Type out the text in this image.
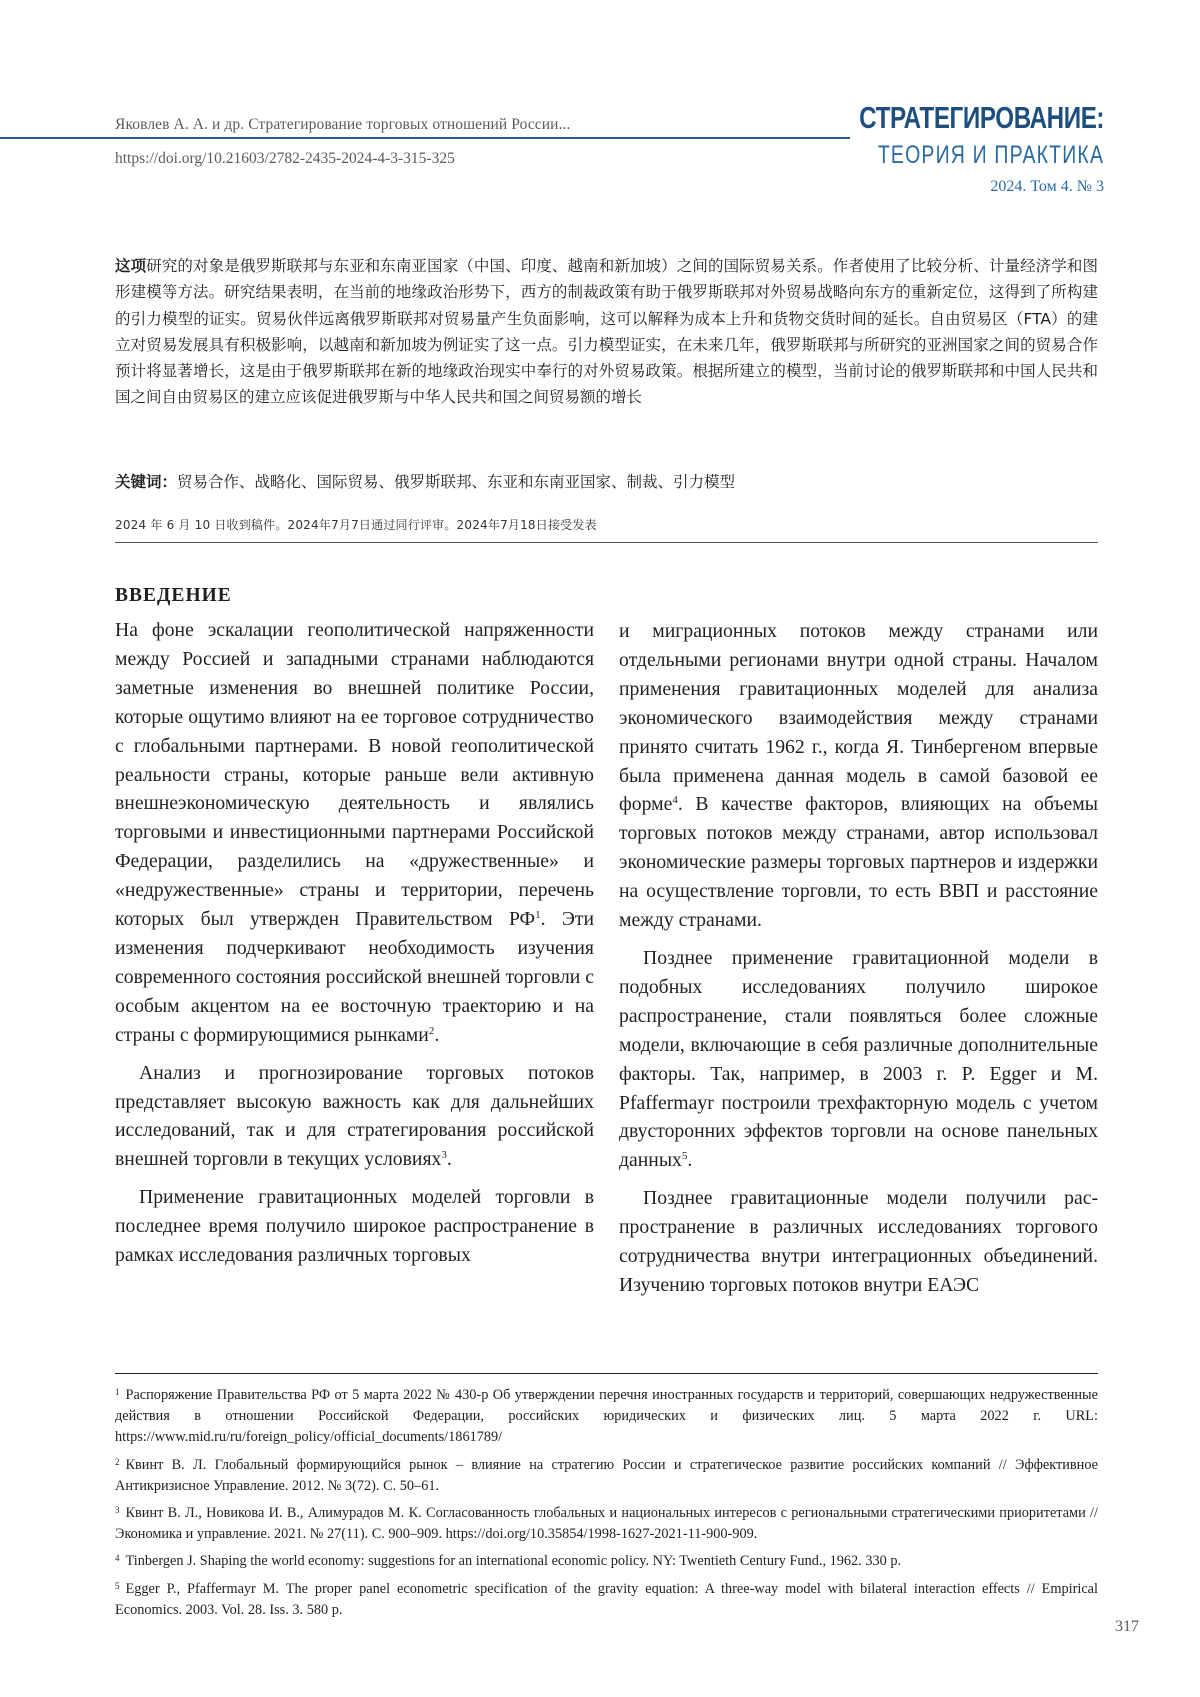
Яковлев А. А. и др. Стратегирование торговых отношений России...
https://doi.org/10.21603/2782-2435-2024-4-3-315-325
СТРАТЕГИРОВАНИЕ:
ТЕОРИЯ И ПРАКТИКА
2024. Том 4. № 3
这项研究的对象是俄罗斯联邦与东亚和东南亚国家（中国、印度、越南和新加坡）之间的国际贸易关系。作者使用了比较分析、计量经济学和图形建模等方法。研究结果表明，在当前的地缘政治形势下，西方的制裁政策有助于俄罗斯联邦对外贸易战略向东方的重新定位，这得到了所构建的引力模型的证实。贸易伙伴远离俄罗斯联邦对贸易量产生负面影响，这可以解释为成本上升和货物交货时间的延长。自由贸易区（FTA）的建立对贸易发展具有积极影响，以越南和新加坡为例证实了这一点。引力模型证实，在未来几年，俄罗斯联邦与所研究的亚洲国家之间的贸易合作预计将显著增长，这是由于俄罗斯联邦在新的地缘政治现实中奉行的对外贸易政策。根据所建立的模型，当前讨论的俄罗斯联邦和中国人民共和国之间自由贸易区的建立应该促进俄罗斯与中华人民共和国之间贸易额的增长
关键词：贸易合作、战略化、国际贸易、俄罗斯联邦、东亚和东南亚国家、制裁、引力模型
2024 年 6 月 10 日收到稿件。2024年7月7日通过同行评审。2024年7月18日接受发表
ВВЕДЕНИЕ

На фоне эскалации геополитической напряженности между Россией и западными странами наблюдаются заметные изменения во внешней политике России, которые ощутимо влияют на ее торговое сотрудничество с глобальными партнерами. В новой геополитической реальности страны, которые раньше вели активную внешнеэкономическую деятельность и являлись торговыми и инвестиционными партнерами Российской Федерации, разделились на «дружественные» и «недружественные» страны и территории, перечень которых был утвержден Правительством $РФ^1$. Эти изменения подчеркивают необходимость изучения современного состояния российской внешней торговли с особым акцентом на ее восточную траекторию и на страны с формирующимися рынками$^2$.

Анализ и прогнозирование торговых потоков представляет высокую важность как для дальнейших исследований, так и для стратегирования российской внешней торговли в текущих условиях$^3$.

Применение гравитационных моделей торговли в последнее время получило широкое распространение в рамках исследования различных торговых

и миграционных потоков между странами или отдельными регионами внутри одной страны. Началом применения гравитационных моделей для анализа экономического взаимодействия между странами принято считать 1962 г., когда Я. Тинбергеном впервые была применена данная модель в самой базовой ее форме$^4$. В качестве факторов, влияющих на объемы торговых потоков между странами, автор использовал экономические размеры торговых партнеров и издержки на осуществление торговли, то есть ВВП и расстояние между странами.

Позднее применение гравитационной модели в подобных исследованиях получило широкое распространение, стали появляться более сложные модели, включающие в себя различные дополнительные факторы. Так, например, в 2003 г. P. Egger и M. Pfaffermayr построили трехфакторную модель с учетом двусторонних эффектов торговли на основе панельных данных$^5$.

Позднее гравитационные модели получили распространение в различных исследованиях торгового сотрудничества внутри интеграционных объединений. Изучению торговых потоков внутри ЕАЭС

$^1$ Распоряжение Правительства РФ от 5 марта 2022 № 430-р Об утверждении перечня иностранных государств и территорий, совершающих недружественные действия в отношении Российской Федерации, российских юридических и физических лиц. 5 марта 2022 г. URL: https://www.mid.ru/ru/foreign_policy/official_documents/1861789/

$^2$ Квинт В. Л. Глобальный формирующийся рынок – влияние на стратегию России и стратегическое развитие российских компаний // Эффективное Антикризисное Управление. 2012. № 3(72). С. 50–61.

$^3$ Квинт В. Л., Новикова И. В., Алимурадов М. К. Согласованность глобальных и национальных интересов с региональными стратегическими приоритетами // Экономика и управление. 2021. № 27(11). С. 900–909. https://doi.org/10.35854/1998-1627-2021-11-900-909.

$^4$ Tinbergen J. Shaping the world economy: suggestions for an international economic policy. NY: Twentieth Century Fund., 1962. 330 p.

$^5$ Egger P., Pfaffermayr M. The proper panel econometric specification of the gravity equation: A three-way model with bilateral interaction effects // Empirical Economics. 2003. Vol. 28. Iss. 3. 580 p.

317
